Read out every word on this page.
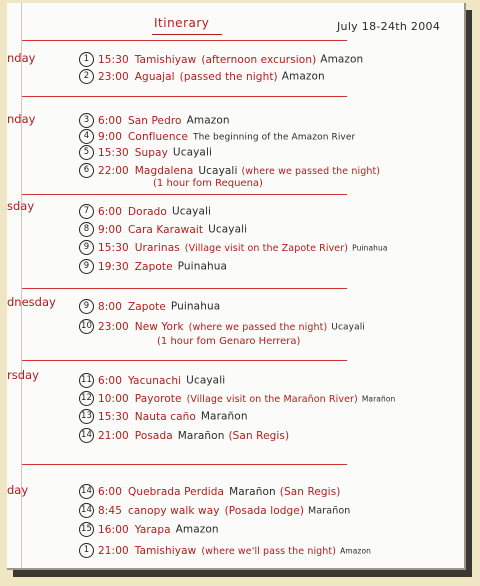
Itinerary	July 18-24th 2004
nday
nday
sday
dnesday
rsday
day
1 15:30 Tamishiyaw (afternoon excursion) Amazon
2 23:00 Aguajal (passed the night) Amazon
3 6:00 San Pedro Amazon
4 9:00 Confluence The beginning of the Amazon River
5 15:30 Supay Ucayali
6 22:00 Magdalena Ucayali (where we passed the night)
(1 hour fom Requena)
7 6:00 Dorado Ucayali
8 9:00 Cara Karawait Ucayali
9 15:30 Urarinas (Village visit on the Zapote River) Puinahua
9 19:30 Zapote Puinahua
9 8:00 Zapote Puinahua
10 23:00 New York (where we passed the night) Ucayali
(1 hour fom Genaro Herrera)
11 6:00 Yacunachi Ucayali
12 10:00 Payorote (Village visit on the Marañon River) Marañon
13 15:30 Nauta caño Marañon
14 21:00 Posada Marañon (San Regis)
14 6:00 Quebrada Perdida Marañon (San Regis)
14 8:45 canopy walk way (Posada lodge) Marañon
15 16:00 Yarapa Amazon
1 21:00 Tamishiyaw (where we'll pass the night) Amazon
